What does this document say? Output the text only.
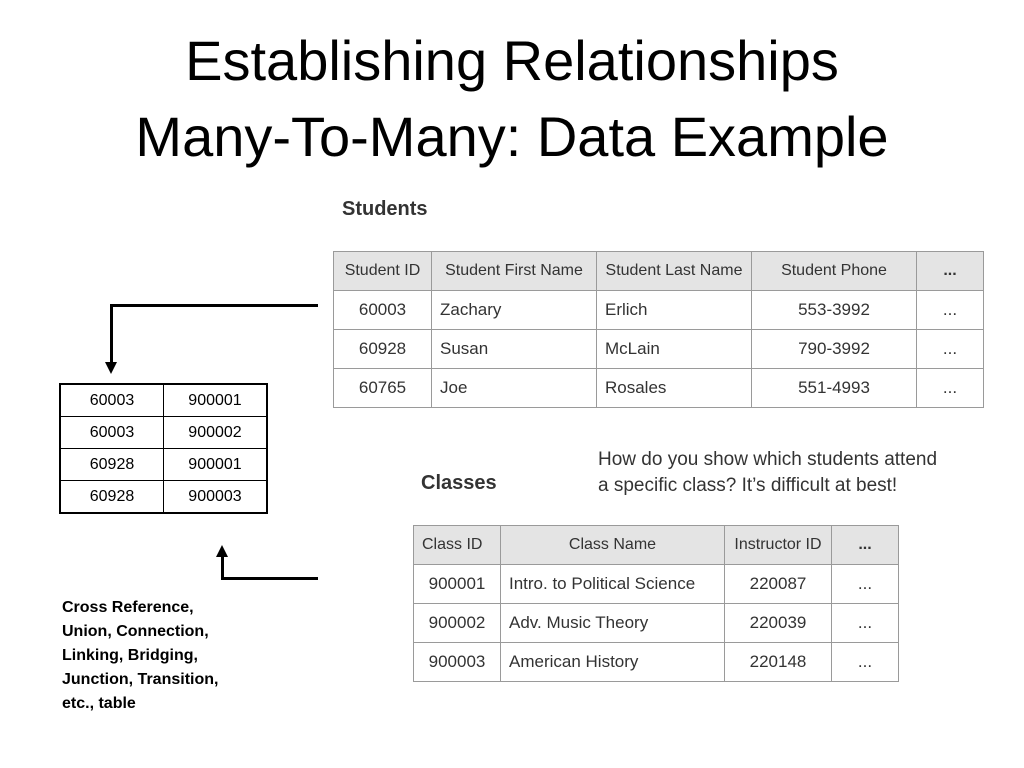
Establishing Relationships
Many-To-Many: Data Example
Students
Student ID	Student First Name	Student Last Name	Student Phone	...
60003	Zachary	Erlich	553-3992	...
60928	Susan	McLain	790-3992	...
60765	Joe	Rosales	551-4993	...
How do you show which students attend
a specific class? It’s difficult at best!
Classes
Class ID	Class Name	Instructor ID	...
900001	Intro. to Political Science	220087	...
900002	Adv. Music Theory	220039	...
900003	American History	220148	...
60003	900001
60003	900002
60928	900001
60928	900003
Cross Reference,
Union, Connection,
Linking, Bridging,
Junction, Transition,
etc., table
